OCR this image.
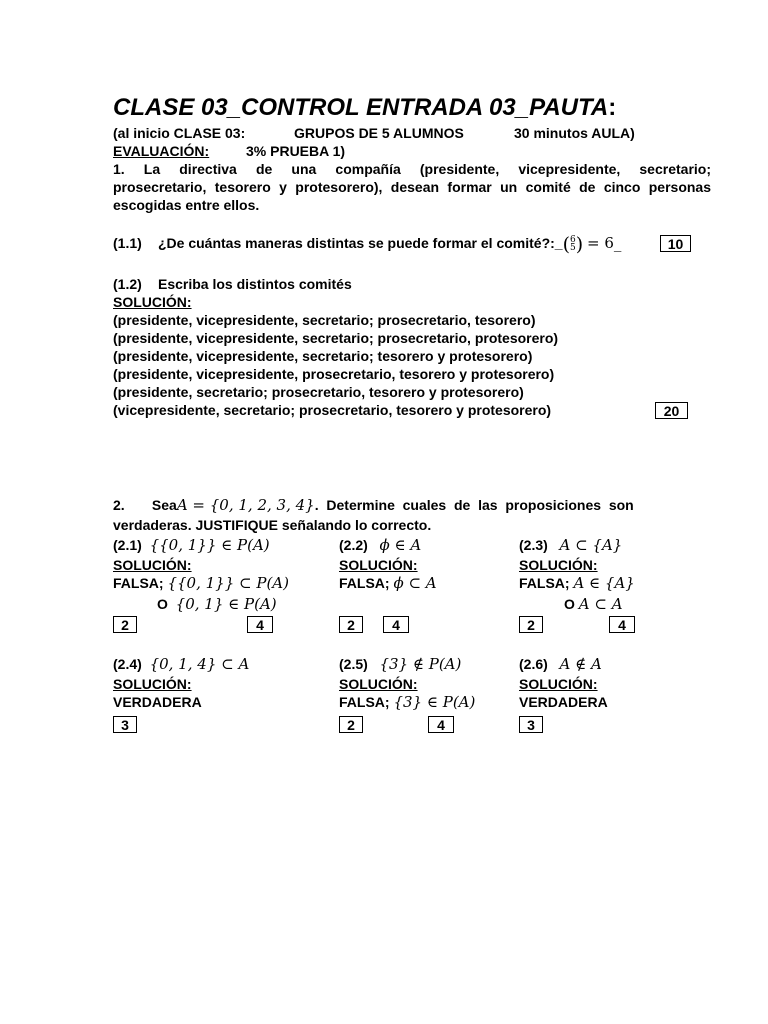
CLASE 03_CONTROL ENTRADA 03_PAUTA:
(al inicio CLASE 03:	GRUPOS DE 5 ALUMNOS	30 minutos AULA)
EVALUACIÓN:	3% PRUEBA 1)
1. La directiva de una compañía (presidente, vicepresidente, secretario;
prosecretario, tesorero y protesorero), desean formar un comité de cinco personas
escogidas entre ellos.
(1.1) ¿De cuántas maneras distintas se puede formar el comité?:_(6
5) = 6_	10
(1.2) Escriba los distintos comités
SOLUCIÓN:
(presidente, vicepresidente, secretario; prosecretario, tesorero)
(presidente, vicepresidente, secretario; prosecretario, protesorero)
(presidente, vicepresidente, secretario; tesorero y protesorero)
(presidente, vicepresidente, prosecretario, tesorero y protesorero)
(presidente, secretario; prosecretario, tesorero y protesorero)
(vicepresidente, secretario; prosecretario, tesorero y protesorero)	20
2.       Sea A = {0, 1, 2, 3, 4} .  Determine  cuales  de  las  proposiciones  son
verdaderas. JUSTIFIQUE señalando lo correcto.
(2.1) {{0, 1}} ∈ P(A)
SOLUCIÓN:
FALSA; {{0, 1}} ⊂ P(A)
O {0, 1} ∈ P(A)
2	4
(2.2) ϕ ∈ A
SOLUCIÓN:
FALSA; ϕ ⊂ A
2	4
(2.3) A ⊂ {A}
SOLUCIÓN:
FALSA; A ∈ {A}
O A ⊂ A
2	4
(2.4) {0, 1, 4} ⊂ A
SOLUCIÓN:
VERDADERA
3
(2.5) {3} ∉ P(A)
SOLUCIÓN:
FALSA; {3} ∈ P(A)
2	4
(2.6) A ∉ A
SOLUCIÓN:
VERDADERA
3
